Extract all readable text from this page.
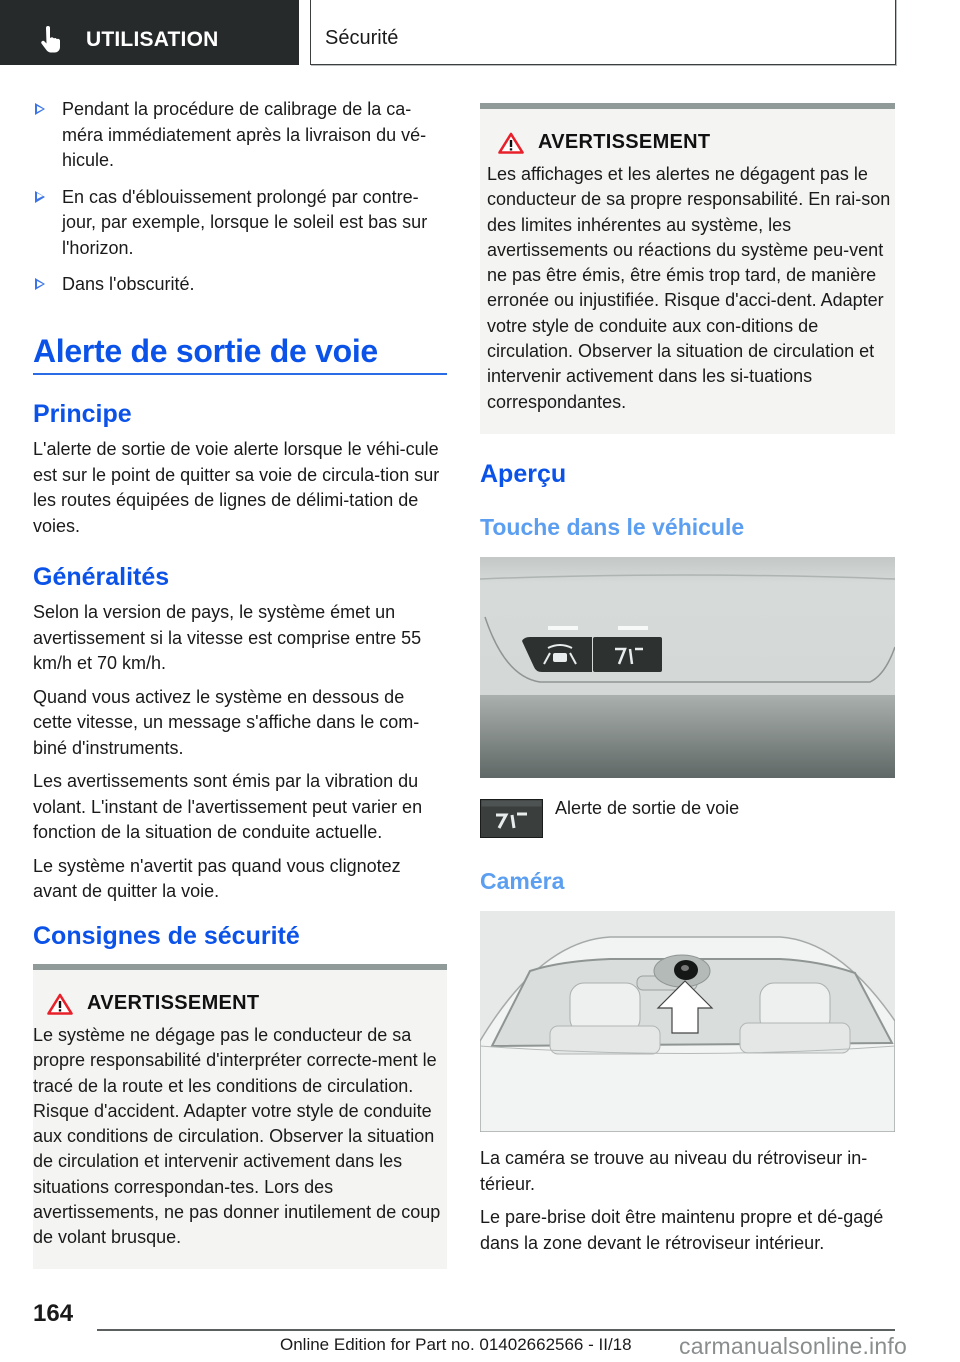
UTILISATION	Sécurité
Pendant la procédure de calibrage de la ca-méra immédiatement après la livraison du vé-hicule.
En cas d'éblouissement prolongé par contre-jour, par exemple, lorsque le soleil est bas sur l'horizon.
Dans l'obscurité.
Alerte de sortie de voie
Principe
L'alerte de sortie de voie alerte lorsque le véhi-cule est sur le point de quitter sa voie de circula-tion sur les routes équipées de lignes de délimi-tation de voies.
Généralités
Selon la version de pays, le système émet un avertissement si la vitesse est comprise entre 55 km/h et 70 km/h.
Quand vous activez le système en dessous de cette vitesse, un message s'affiche dans le com-biné d'instruments.
Les avertissements sont émis par la vibration du volant. L'instant de l'avertissement peut varier en fonction de la situation de conduite actuelle.
Le système n'avertit pas quand vous clignotez avant de quitter la voie.
Consignes de sécurité
AVERTISSEMENT
Le système ne dégage pas le conducteur de sa propre responsabilité d'interpréter correcte-ment le tracé de la route et les conditions de circulation. Risque d'accident. Adapter votre style de conduite aux conditions de circulation. Observer la situation de circulation et intervenir activement dans les situations correspondan-tes. Lors des avertissements, ne pas donner inutilement de coup de volant brusque.
AVERTISSEMENT
Les affichages et les alertes ne dégagent pas le conducteur de sa propre responsabilité. En rai-son des limites inhérentes au système, les avertissements ou réactions du système peu-vent ne pas être émis, être émis trop tard, de manière erronée ou injustifiée. Risque d'acci-dent. Adapter votre style de conduite aux con-ditions de circulation. Observer la situation de circulation et intervenir activement dans les si-tuations correspondantes.
Aperçu
Touche dans le véhicule
Alerte de sortie de voie
Caméra
La caméra se trouve au niveau du rétroviseur in-térieur.
Le pare-brise doit être maintenu propre et dé-gagé dans la zone devant le rétroviseur intérieur.
164
Online Edition for Part no. 01402662566 - II/18 carmanualsonline.info
